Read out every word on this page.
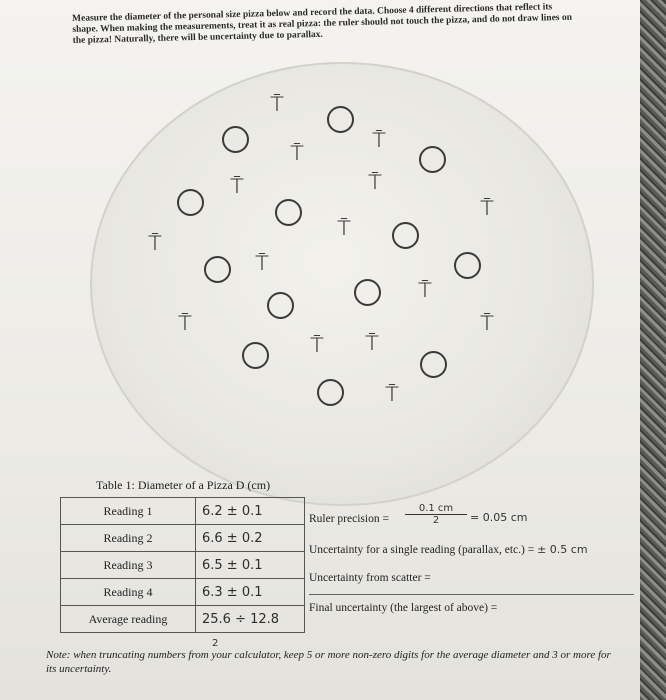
Measure the diameter of the personal size pizza below and record the data. Choose 4 different directions that reflect its shape. When making the measurements, treat it as real pizza: the ruler should not touch the pizza, and do not draw lines on the pizza! Naturally, there will be uncertainty due to parallax.
⍑
⍑
⍑
⍑
⍑
⍑
⍑
⍑
⍑
⍑
⍑	⍑
⍑	⍑
⍑
Table 1: Diameter of a Pizza D (cm)
Reading 1	6.2 ± 0.1
Reading 2	6.6 ± 0.2
Reading 3	6.5 ± 0.1
Reading 4	6.3 ± 0.1
Average reading	25.6 ÷ 12.8
2
Ruler precision = $\frac{0.1 cm}{2} = 0.05$ cm
Uncertainty for a single reading (parallax, etc.) = ± 0.5 cm
Uncertainty from scatter =
Final uncertainty (the largest of above) =
Note: when truncating numbers from your calculator, keep 5 or more non-zero digits for the average diameter and 3 or more for its uncertainty.
